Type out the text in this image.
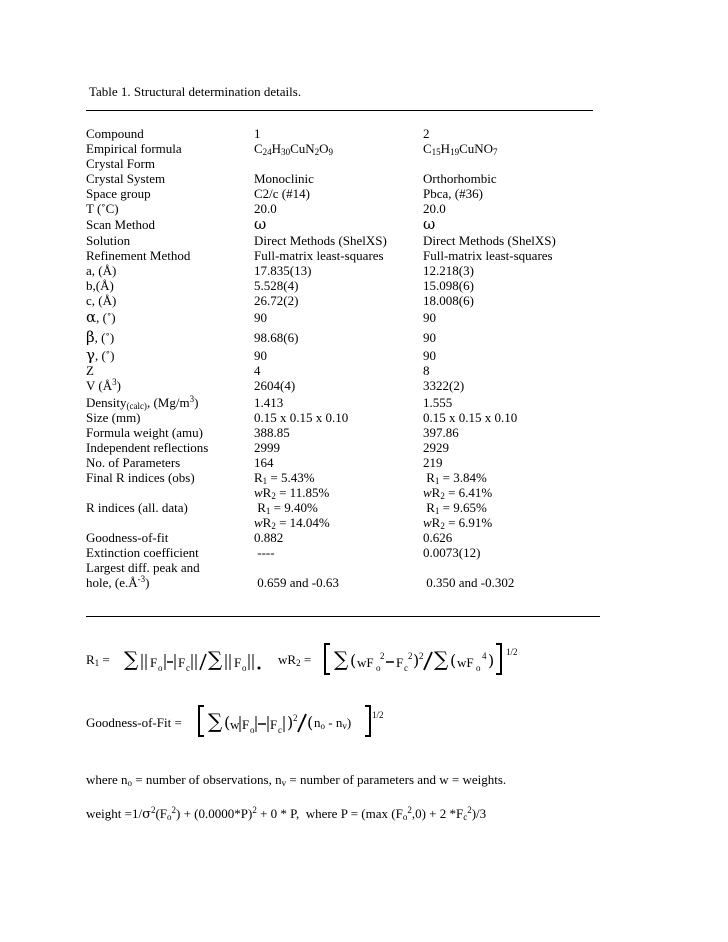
Table 1. Structural determination details.
Compound	1	2
Empirical formula	$C_{24}H_{30}CuN_2O_9$	$C_{15}H_{19}CuNO_7$
Crystal Form
Crystal System	Monoclinic	Orthorhombic
Space group	C2/c (#14)	Pbca, (#36)
T (˚C)	20.0	20.0
Scan Method	ω	ω
Solution	Direct Methods (ShelXS)	Direct Methods (ShelXS)
Refinement Method	Full-matrix least-squares	Full-matrix least-squares
a, (Å)	17.835(13)	12.218(3)
b,(Å)	5.528(4)	15.098(6)
c, (Å)	26.72(2)	18.008(6)
α, (˚)	90	90
β, (˚)	98.68(6)	90
γ, (˚)	90	90
Z	4	8
V $(Å^3)$	2604(4)	3322(2)
Density$_{(calc)}$, $(Mg/m^3)$	1.413	1.555
Size (mm)	0.15 x 0.15 x 0.10	0.15 x 0.15 x 0.10
Formula weight (amu)	388.85	397.86
Independent reflections	2999	2929
No. of Parameters	164	219
Final R indices (obs)	$R_1 = 5.43\%$	$R_1 = 3.84\%$
$wR_2 = 11.85\%$	$wR_2 = 6.41\%$
R indices (all. data)	$R_1 = 9.40\%$	$R_1 = 9.65\%$
$wR_2 = 14.04\%$	$wR_2 = 6.91\%$
Goodness-of-fit	0.882	0.626
Extinction coefficient	----	0.0073(12)
Largest diff. peak and
hole, $(e.Å^{-3})$	0.659 and -0.63	0.350 and -0.302
$R_1$ = ∑ F o F c ∑ F o
$wR_2$ = ∑ ( wF o
2 F c
2 ) 2 ∑ ( wF o
4 ) 1/2
Goodness-of-Fit = ∑ ( w F o F c ) 2 ( $n_o - n_v$) 1/2
where $n_o$ = number of observations, $n_v$ = number of parameters and w = weights.
weight $=1/\sigma^2(F_o^2) + (0.0000*P)^2 + 0 * P$,  where P = (max $(F_o^2,0) + 2$ $*F_c^2)/3$
